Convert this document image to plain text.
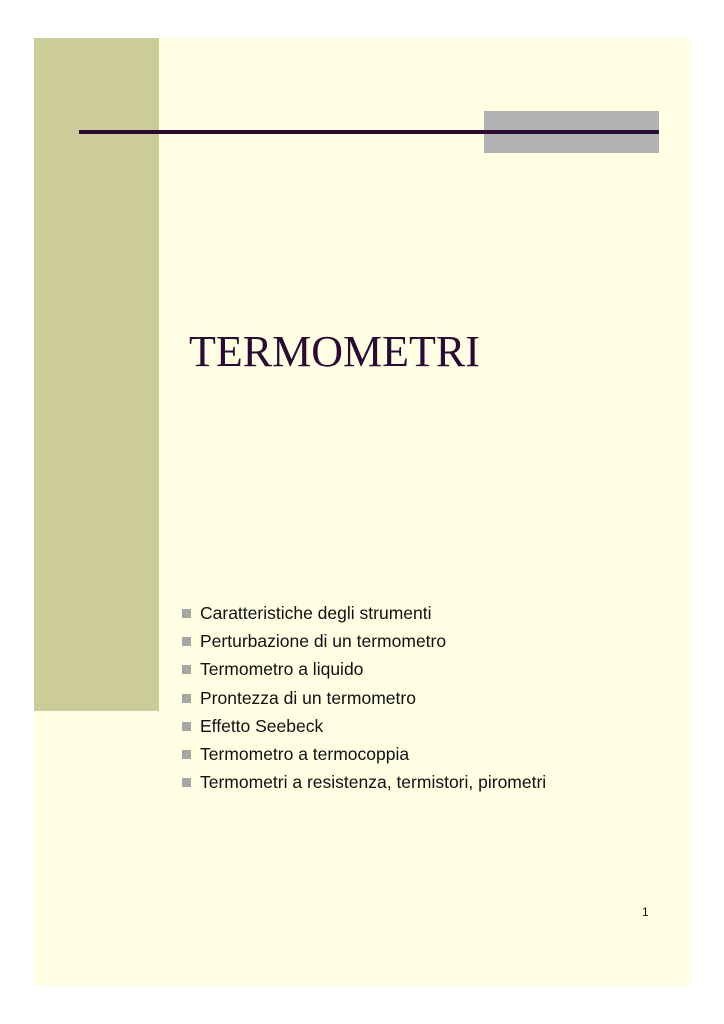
TERMOMETRI
Caratteristiche degli strumenti
Perturbazione di un termometro
Termometro a liquido
Prontezza di un termometro
Effetto Seebeck
Termometro a termocoppia
Termometri a resistenza, termistori, pirometri
1
